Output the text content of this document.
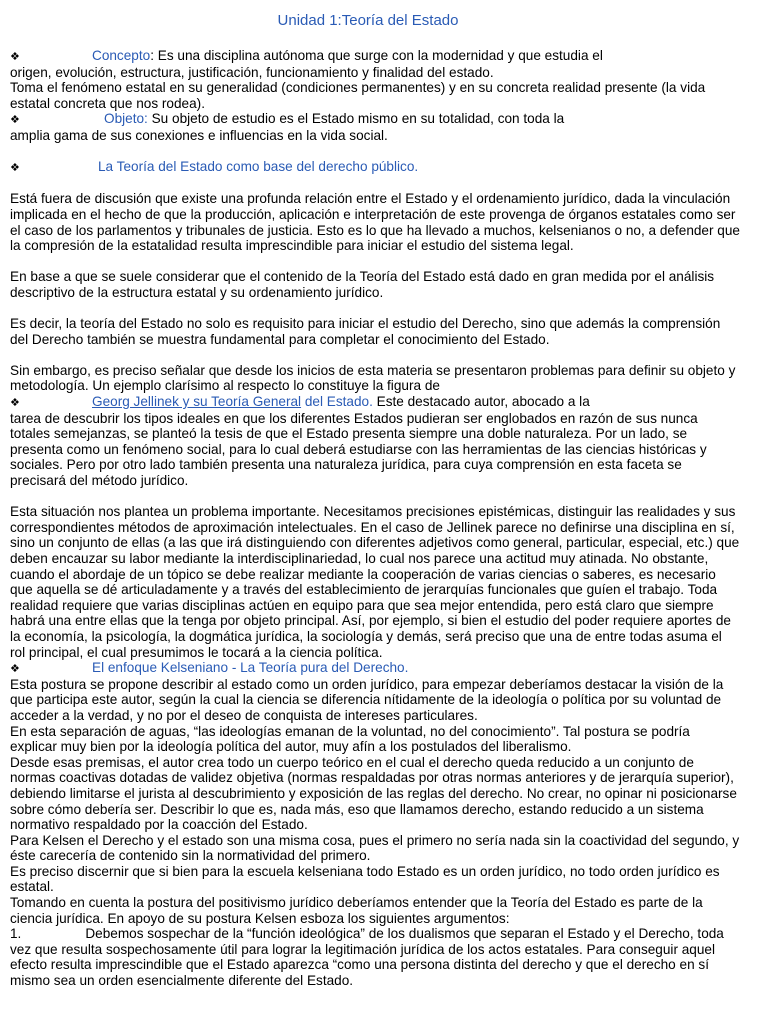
Unidad 1:Teoría del Estado

❖	Concepto: Es una disciplina autónoma que surge con la modernidad y que estudia el

origen, evolución, estructura, justificación, funcionamiento y finalidad del estado.

Toma el fenómeno estatal en su generalidad (condiciones permanentes) y en su concreta realidad presente (la vida estatal concreta que nos rodea).

❖	Objeto: Su objeto de estudio es el Estado mismo en su totalidad, con toda la

amplia gama de sus conexiones e influencias en la vida social.

❖	La Teoría del Estado como base del derecho público.

Está fuera de discusión que existe una profunda relación entre el Estado y el ordenamiento jurídico, dada la vinculación implicada en el hecho de que la producción, aplicación e interpretación de este provenga de órganos estatales como ser el caso de los parlamentos y tribunales de justicia. Esto es lo que ha llevado a muchos, kelsenianos o no, a defender que la compresión de la estatalidad resulta imprescindible para iniciar el estudio del sistema legal.

En base a que se suele considerar que el contenido de la Teoría del Estado está dado en gran medida por el análisis descriptivo de la estructura estatal y su ordenamiento jurídico.

Es decir, la teoría del Estado no solo es requisito para iniciar el estudio del Derecho, sino que además la comprensión del Derecho también se muestra fundamental para completar el conocimiento del Estado.

Sin embargo, es preciso señalar que desde los inicios de esta materia se presentaron problemas para definir su objeto y metodología. Un ejemplo clarísimo al respecto lo constituye la figura de

❖	Georg Jellinek y su Teoría General del Estado. Este destacado autor, abocado a la

tarea de descubrir los tipos ideales en que los diferentes Estados pudieran ser englobados en razón de sus nunca totales semejanzas, se planteó la tesis de que el Estado presenta siempre una doble naturaleza. Por un lado, se presenta como un fenómeno social, para lo cual deberá estudiarse con las herramientas de las ciencias históricas y sociales. Pero por otro lado también presenta una naturaleza jurídica, para cuya comprensión en esta faceta se precisará del método jurídico.

Esta situación nos plantea un problema importante. Necesitamos precisiones epistémicas, distinguir las realidades y sus correspondientes métodos de aproximación intelectuales. En el caso de Jellinek parece no definirse una disciplina en sí, sino un conjunto de ellas (a las que irá distinguiendo con diferentes adjetivos como general, particular, especial, etc.) que deben encauzar su labor mediante la interdisciplinariedad, lo cual nos parece una actitud muy atinada. No obstante, cuando el abordaje de un tópico se debe realizar mediante la cooperación de varias ciencias o saberes, es necesario que aquella se dé articuladamente y a través del establecimiento de jerarquías funcionales que guíen el trabajo. Toda realidad requiere que varias disciplinas actúen en equipo para que sea mejor entendida, pero está claro que siempre habrá una entre ellas que la tenga por objeto principal. Así, por ejemplo, si bien el estudio del poder requiere aportes de la economía, la psicología, la dogmática jurídica, la sociología y demás, será preciso que una de entre todas asuma el rol principal, el cual presumimos le tocará a la ciencia política.

❖	El enfoque Kelseniano - La Teoría pura del Derecho.

Esta postura se propone describir al estado como un orden jurídico, para empezar deberíamos destacar la visión de la que participa este autor, según la cual la ciencia se diferencia nítidamente de la ideología o política por su voluntad de acceder a la verdad, y no por el deseo de conquista de intereses particulares.

En esta separación de aguas, “las ideologías emanan de la voluntad, no del conocimiento”. Tal postura se podría explicar muy bien por la ideología política del autor, muy afín a los postulados del liberalismo.

Desde esas premisas, el autor crea todo un cuerpo teórico en el cual el derecho queda reducido a un conjunto de normas coactivas dotadas de validez objetiva (normas respaldadas por otras normas anteriores y de jerarquía superior), debiendo limitarse el jurista al descubrimiento y exposición de las reglas del derecho. No crear, no opinar ni posicionarse sobre cómo debería ser. Describir lo que es, nada más, eso que llamamos derecho, estando reducido a un sistema normativo respaldado por la coacción del Estado.

Para Kelsen el Derecho y el estado son una misma cosa, pues el primero no sería nada sin la coactividad del segundo, y éste carecería de contenido sin la normatividad del primero.

Es preciso discernir que si bien para la escuela kelseniana todo Estado es un orden jurídico, no todo orden jurídico es estatal.

Tomando en cuenta la postura del positivismo jurídico deberíamos entender que la Teoría del Estado es parte de la ciencia jurídica. En apoyo de su postura Kelsen esboza los siguientes argumentos:

1.	Debemos sospechar de la “función ideológica” de los dualismos que separan el Estado y el Derecho, toda vez que resulta sospechosamente útil para lograr la legitimación jurídica de los actos estatales. Para conseguir aquel efecto resulta imprescindible que el Estado aparezca “como una persona distinta del derecho y que el derecho en sí mismo sea un orden esencialmente diferente del Estado.
